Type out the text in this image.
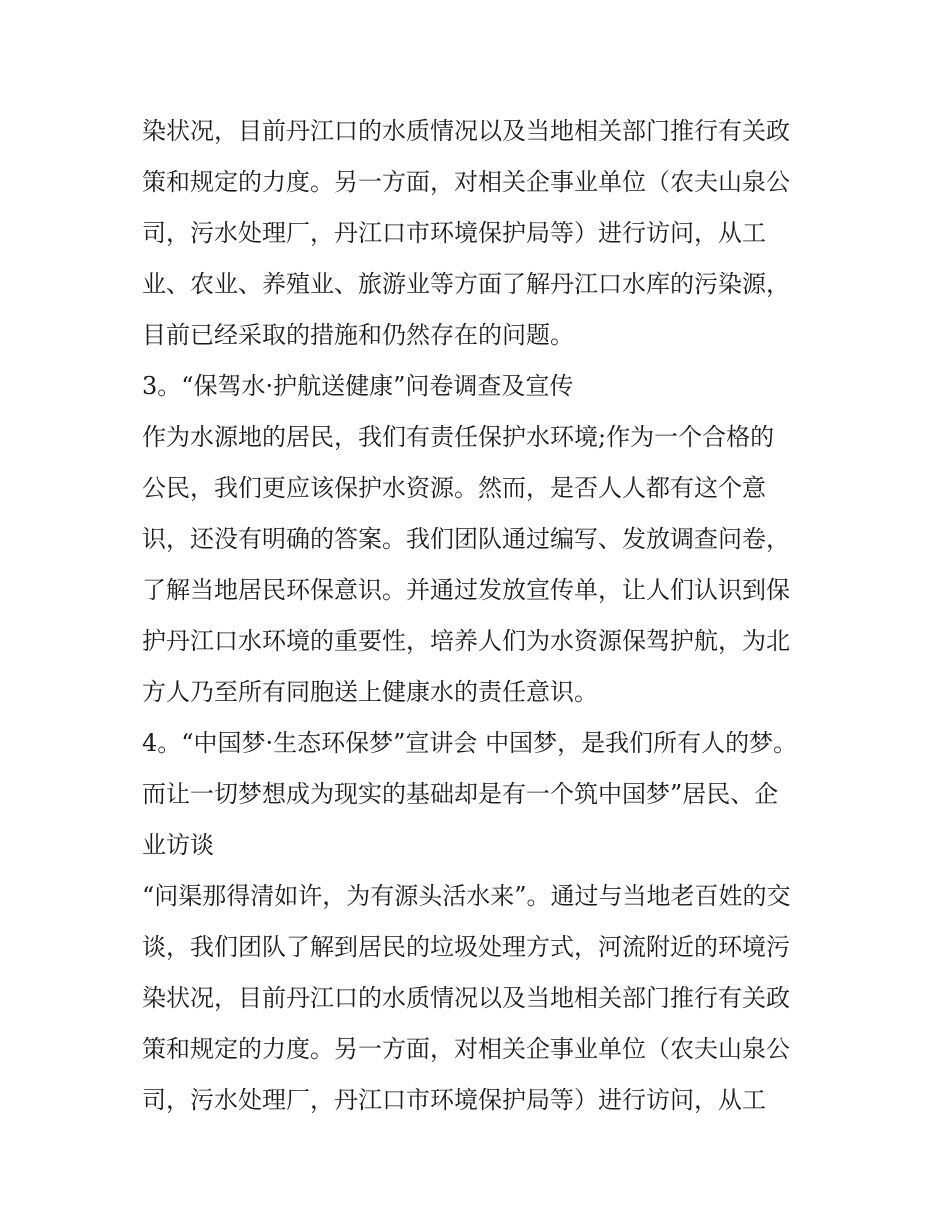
染状况，目前丹江口的水质情况以及当地相关部门推行有关政
策和规定的力度。另一方面，对相关企事业单位（农夫山泉公
司，污水处理厂，丹江口市环境保护局等）进行访问，从工
业、农业、养殖业、旅游业等方面了解丹江口水库的污染源，
目前已经采取的措施和仍然存在的问题。
3。“保驾水·护航送健康”问卷调查及宣传
作为水源地的居民，我们有责任保护水环境;作为一个合格的
公民，我们更应该保护水资源。然而，是否人人都有这个意
识，还没有明确的答案。我们团队通过编写、发放调查问卷，
了解当地居民环保意识。并通过发放宣传单，让人们认识到保
护丹江口水环境的重要性，培养人们为水资源保驾护航，为北
方人乃至所有同胞送上健康水的责任意识。
4。“中国梦·生态环保梦”宣讲会 中国梦，是我们所有人的梦。
而让一切梦想成为现实的基础却是有一个筑中国梦”居民、企
业访谈
“问渠那得清如许，为有源头活水来”。通过与当地老百姓的交
谈，我们团队了解到居民的垃圾处理方式，河流附近的环境污
染状况，目前丹江口的水质情况以及当地相关部门推行有关政
策和规定的力度。另一方面，对相关企事业单位（农夫山泉公
司，污水处理厂，丹江口市环境保护局等）进行访问，从工
